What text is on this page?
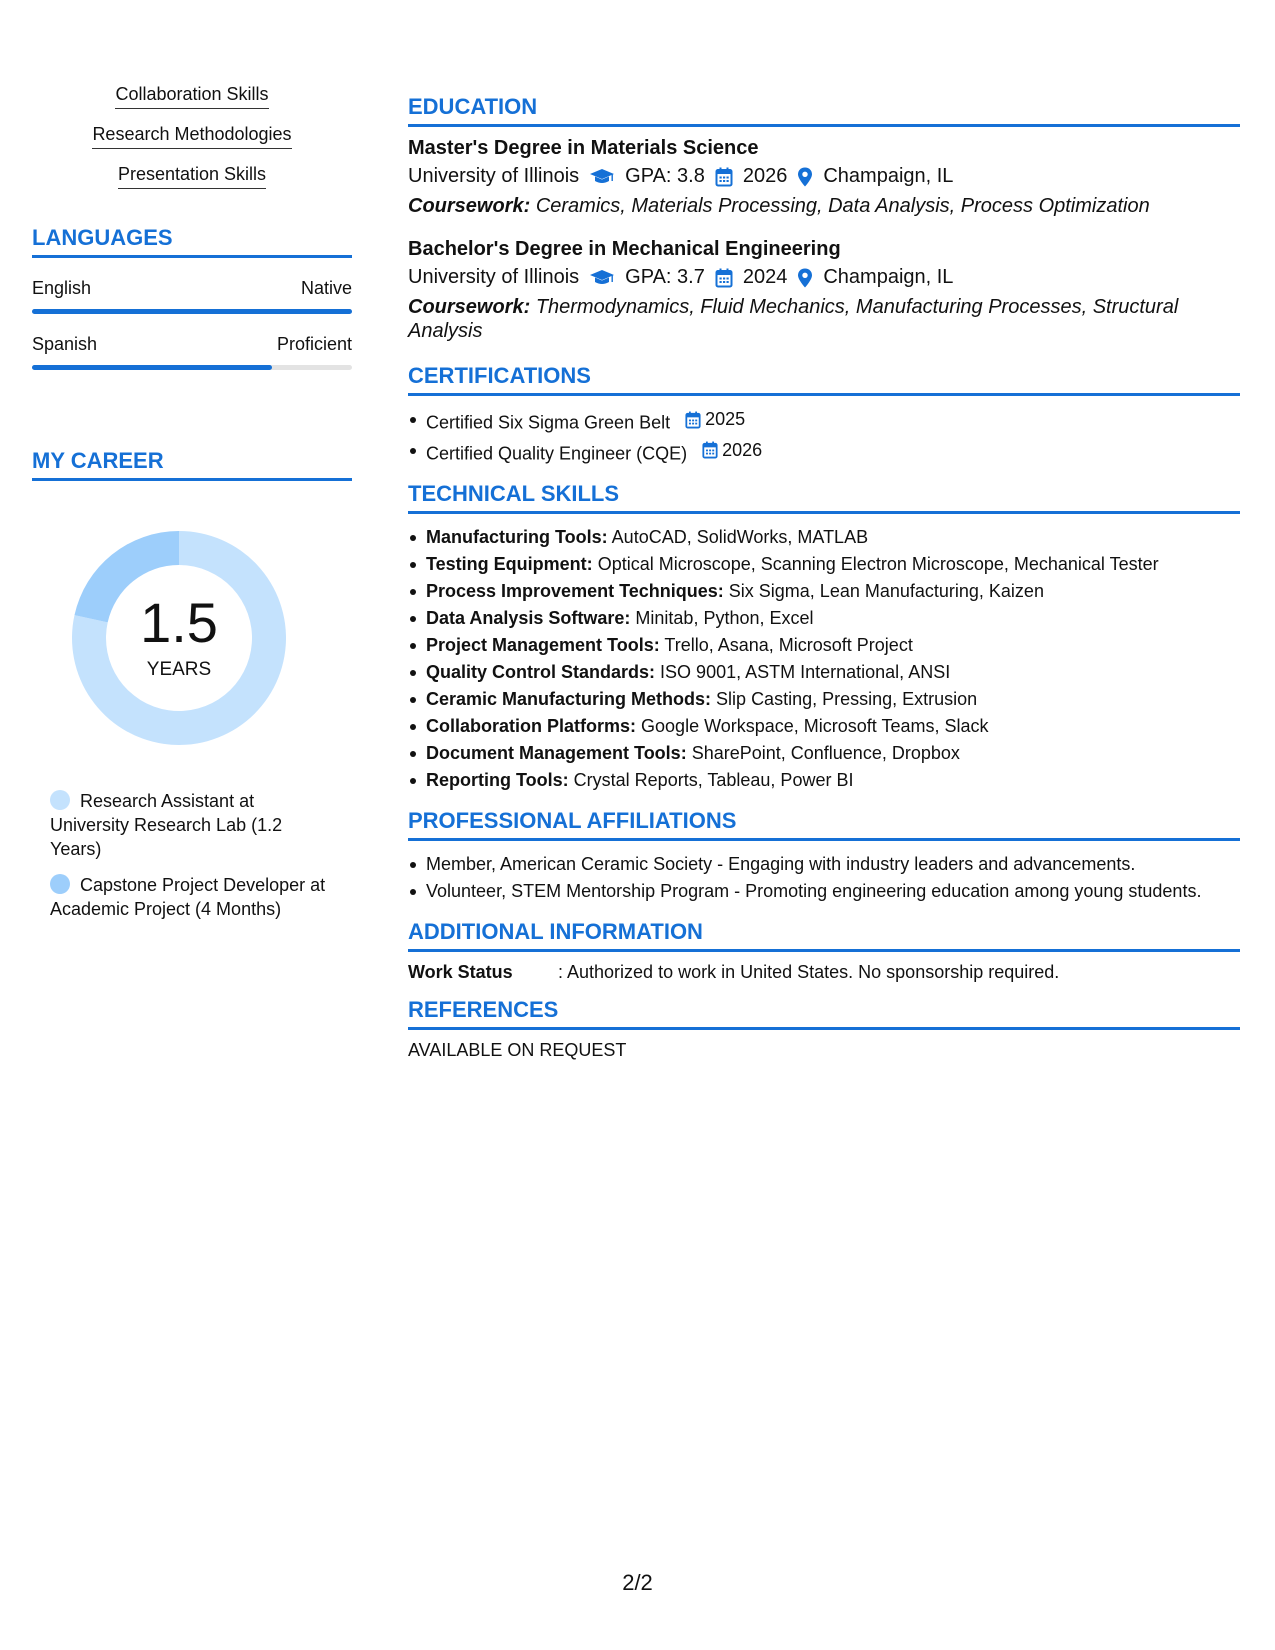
Collaboration Skills
Research Methodologies
Presentation Skills
LANGUAGES
English	Native
Spanish	Proficient
MY CAREER
1.5
YEARS
Research Assistant at University Research Lab (1.2 Years)
Capstone Project Developer at Academic Project (4 Months)
EDUCATION
Master's Degree in Materials Science
University of Illinois GPA: 3.8 2026 Champaign, IL
Coursework: Ceramics, Materials Processing, Data Analysis, Process Optimization
Bachelor's Degree in Mechanical Engineering
University of Illinois GPA: 3.7 2024 Champaign, IL
Coursework: Thermodynamics, Fluid Mechanics, Manufacturing Processes, Structural Analysis
CERTIFICATIONS
Certified Six Sigma Green Belt 2025
Certified Quality Engineer (CQE) 2026
TECHNICAL SKILLS
Manufacturing Tools: AutoCAD, SolidWorks, MATLAB
Testing Equipment: Optical Microscope, Scanning Electron Microscope, Mechanical Tester
Process Improvement Techniques: Six Sigma, Lean Manufacturing, Kaizen
Data Analysis Software: Minitab, Python, Excel
Project Management Tools: Trello, Asana, Microsoft Project
Quality Control Standards: ISO 9001, ASTM International, ANSI
Ceramic Manufacturing Methods: Slip Casting, Pressing, Extrusion
Collaboration Platforms: Google Workspace, Microsoft Teams, Slack
Document Management Tools: SharePoint, Confluence, Dropbox
Reporting Tools: Crystal Reports, Tableau, Power BI
PROFESSIONAL AFFILIATIONS
Member, American Ceramic Society - Engaging with industry leaders and advancements.
Volunteer, STEM Mentorship Program - Promoting engineering education among young students.
ADDITIONAL INFORMATION
Work Status	: Authorized to work in United States. No sponsorship required.
REFERENCES
AVAILABLE ON REQUEST
2/2
